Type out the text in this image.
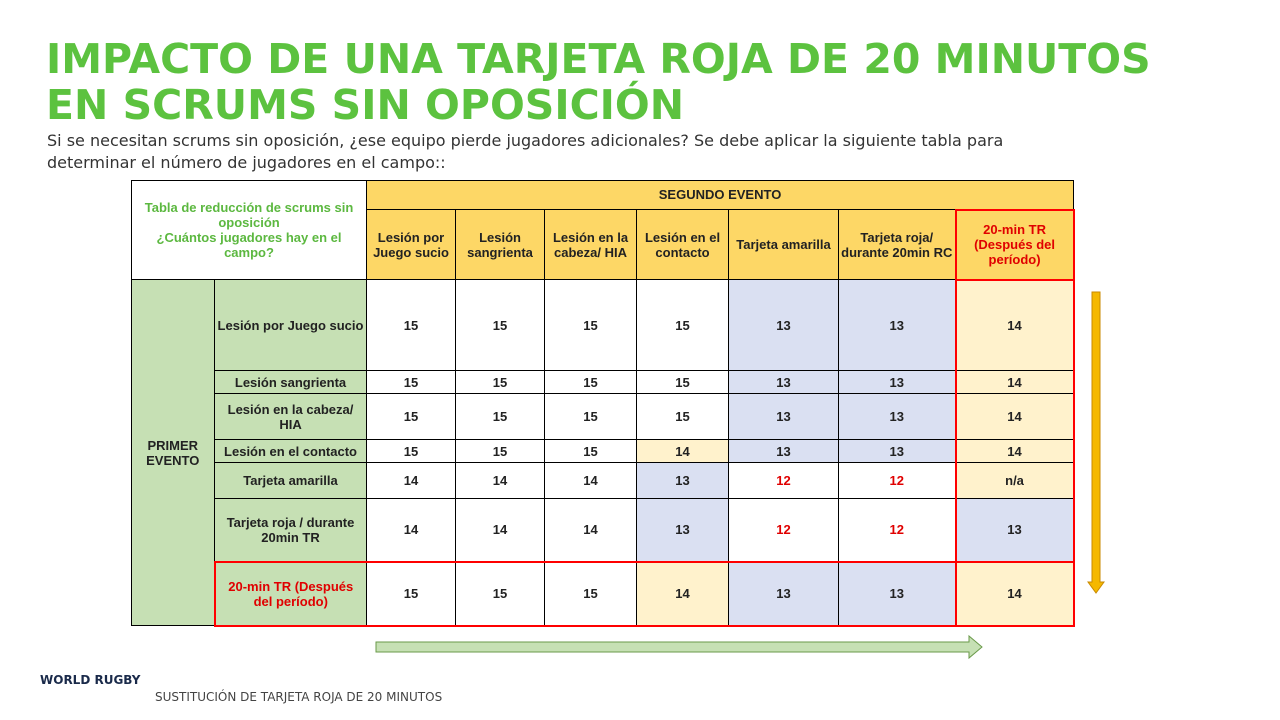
IMPACTO DE UNA TARJETA ROJA DE 20 MINUTOS
EN SCRUMS SIN OPOSICIÓN
Si se necesitan scrums sin oposición, ¿ese equipo pierde jugadores adicionales? Se debe aplicar la siguiente tabla para determinar el número de jugadores en el campo::
Tabla de reducción de scrums sin oposición
¿Cuántos jugadores hay en el campo?		SEGUNDO EVENTO						
		Lesión por Juego sucio	Lesión sangrienta	Lesión en la cabeza/ HIA	Lesión en el contacto	Tarjeta amarilla	Tarjeta roja/ durante 20min RC	20-min TR (Después del período)
PRIMER EVENTO	Lesión por Juego sucio	15	15	15	15	13	13	14
	Lesión sangrienta	15	15	15	15	13	13	14
	Lesión en la cabeza/ HIA	15	15	15	15	13	13	14
	Lesión en el contacto	15	15	15	14	13	13	14
	Tarjeta amarilla	14	14	14	13	12	12	n/a
	Tarjeta roja / durante 20min TR	14	14	14	13	12	12	13
	20-min TR (Después del período)	15	15	15	14	13	13	14
WORLD RUGBY
SUSTITUCIÓN DE TARJETA ROJA DE 20 MINUTOS
